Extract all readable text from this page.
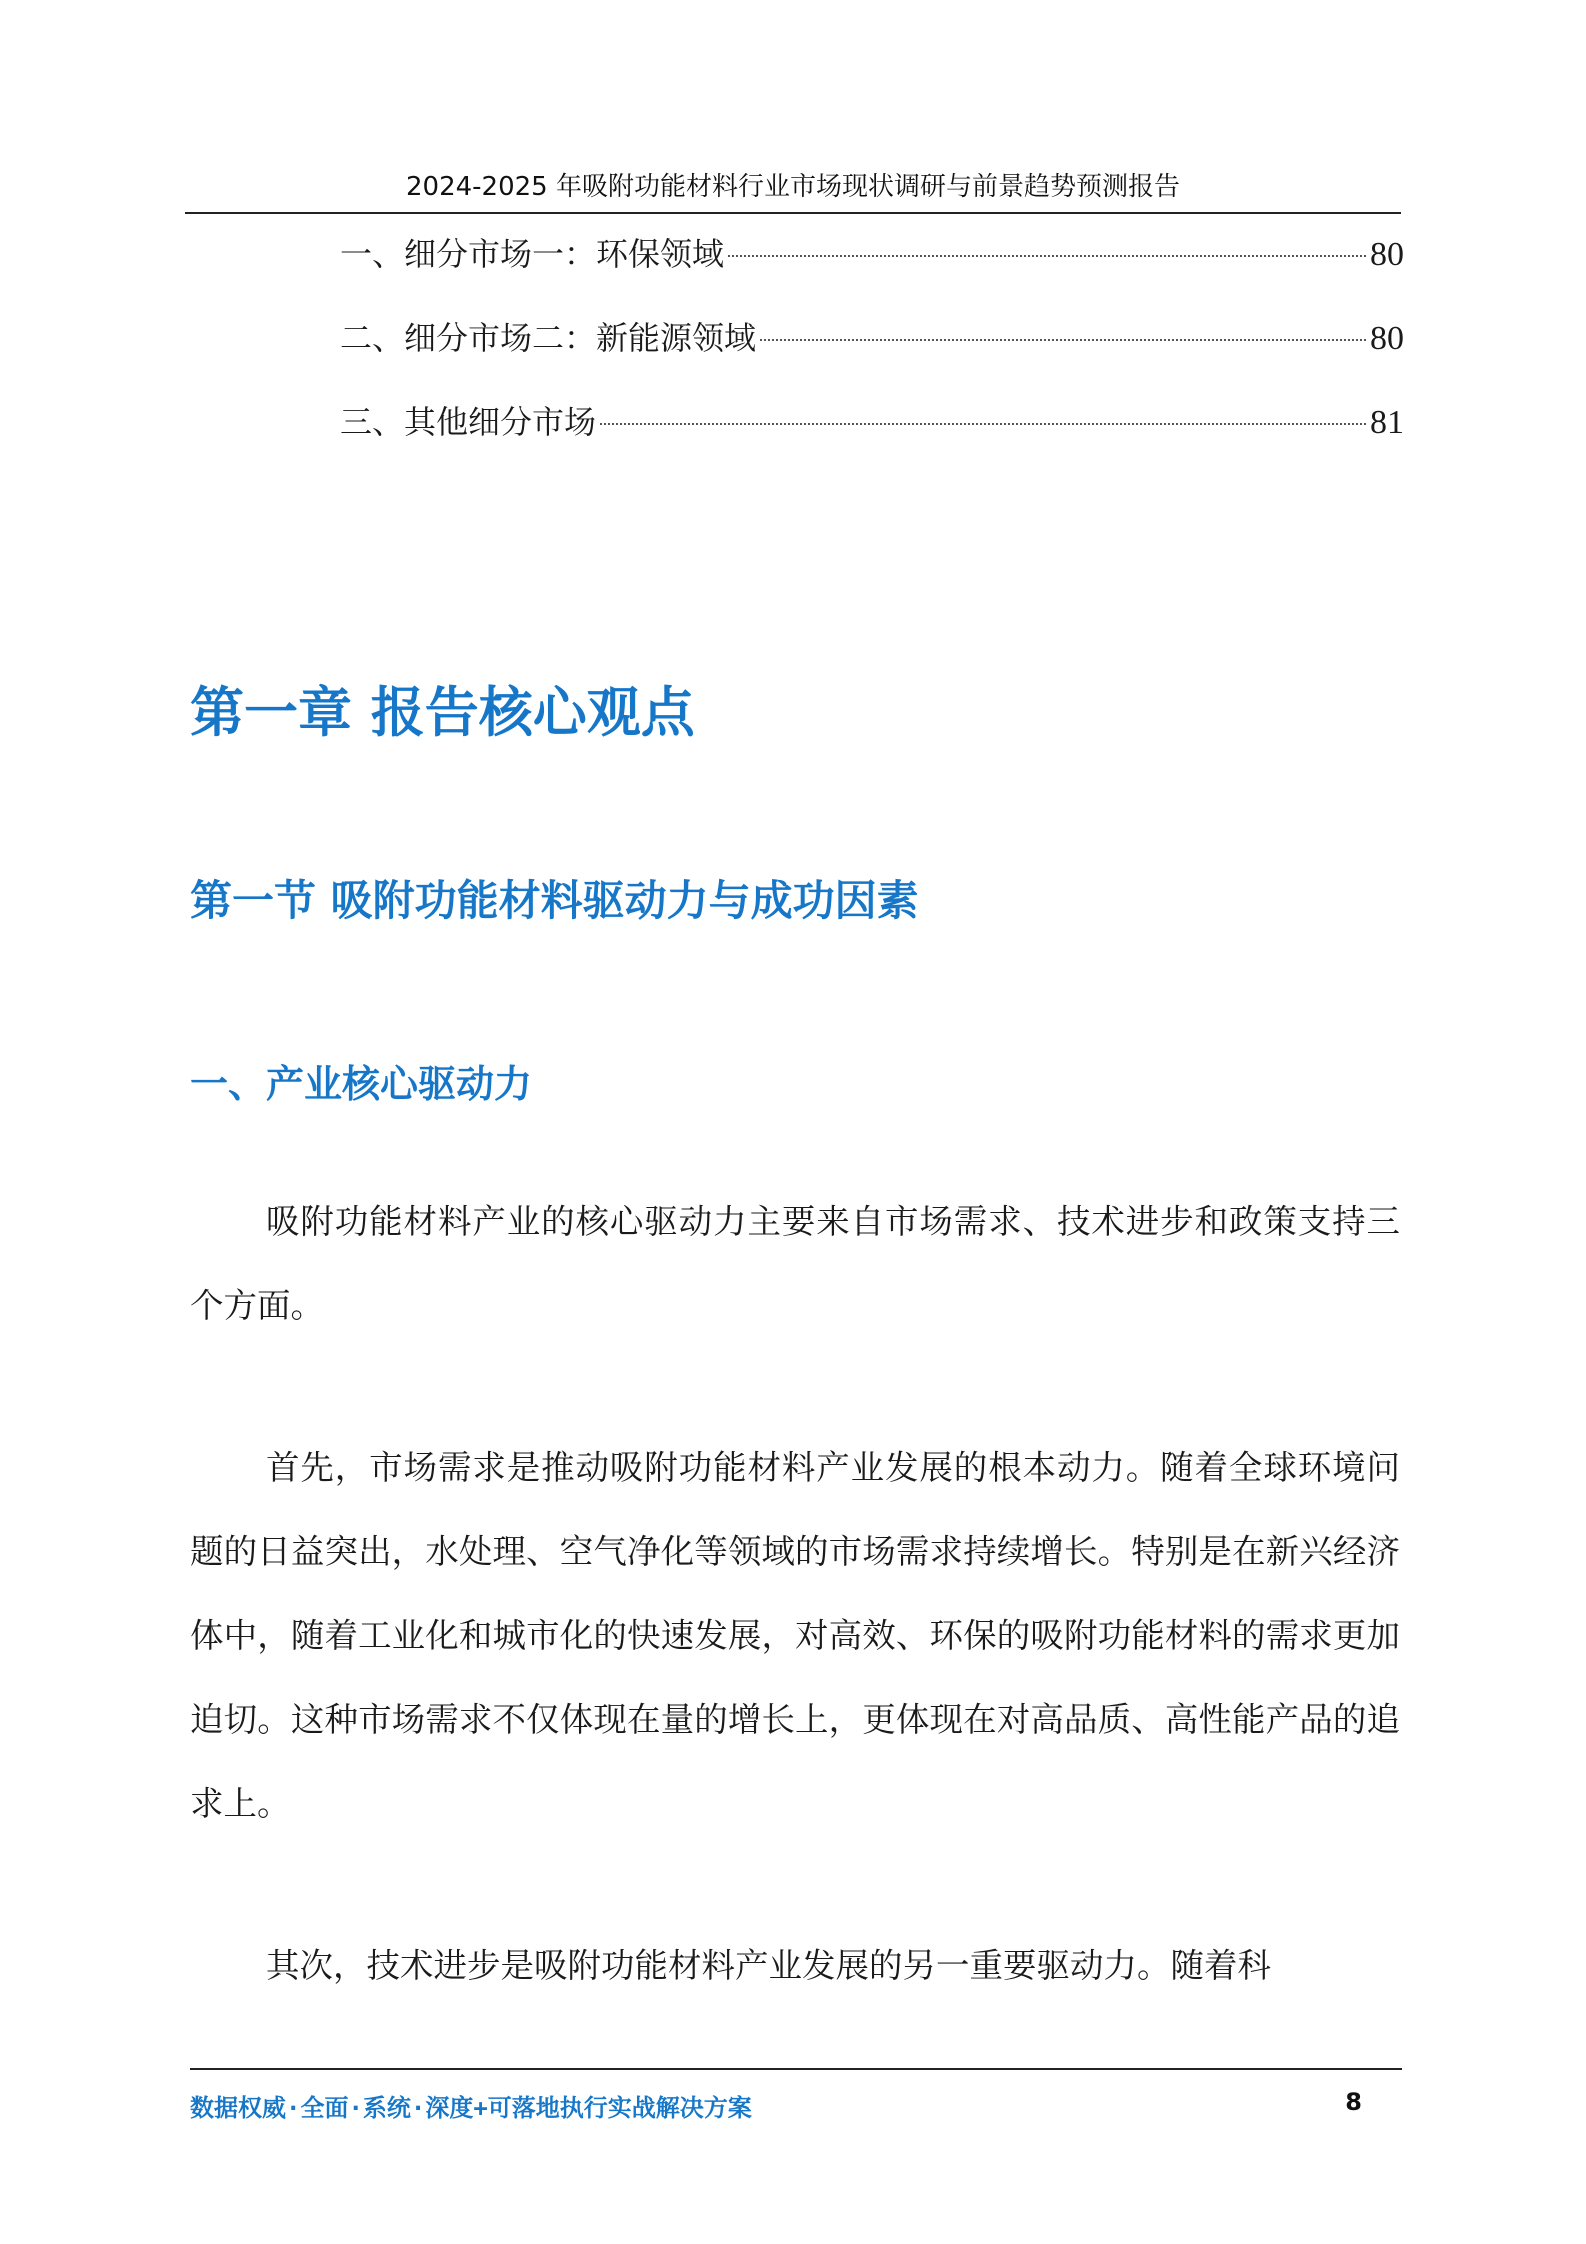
2024-2025 年吸附功能材料行业市场现状调研与前景趋势预测报告
一、细分市场一：环保领域	80
二、细分市场二：新能源领域	80
三、其他细分市场	81
第一章 报告核心观点
第一节 吸附功能材料驱动力与成功因素
一、产业核心驱动力

吸附功能材料产业的核心驱动力主要来自市场需求、技术进步和政策支持三个方面。

首先，市场需求是推动吸附功能材料产业发展的根本动力。随着全球环境问题的日益突出，水处理、空气净化等领域的市场需求持续增长。特别是在新兴经济体中，随着工业化和城市化的快速发展，对高效、环保的吸附功能材料的需求更加迫切。这种市场需求不仅体现在量的增长上，更体现在对高品质、高性能产品的追求上。

其次，技术进步是吸附功能材料产业发展的另一重要驱动力。随着科

数据权威·全面·系统·深度+可落地执行实战解决方案	8
